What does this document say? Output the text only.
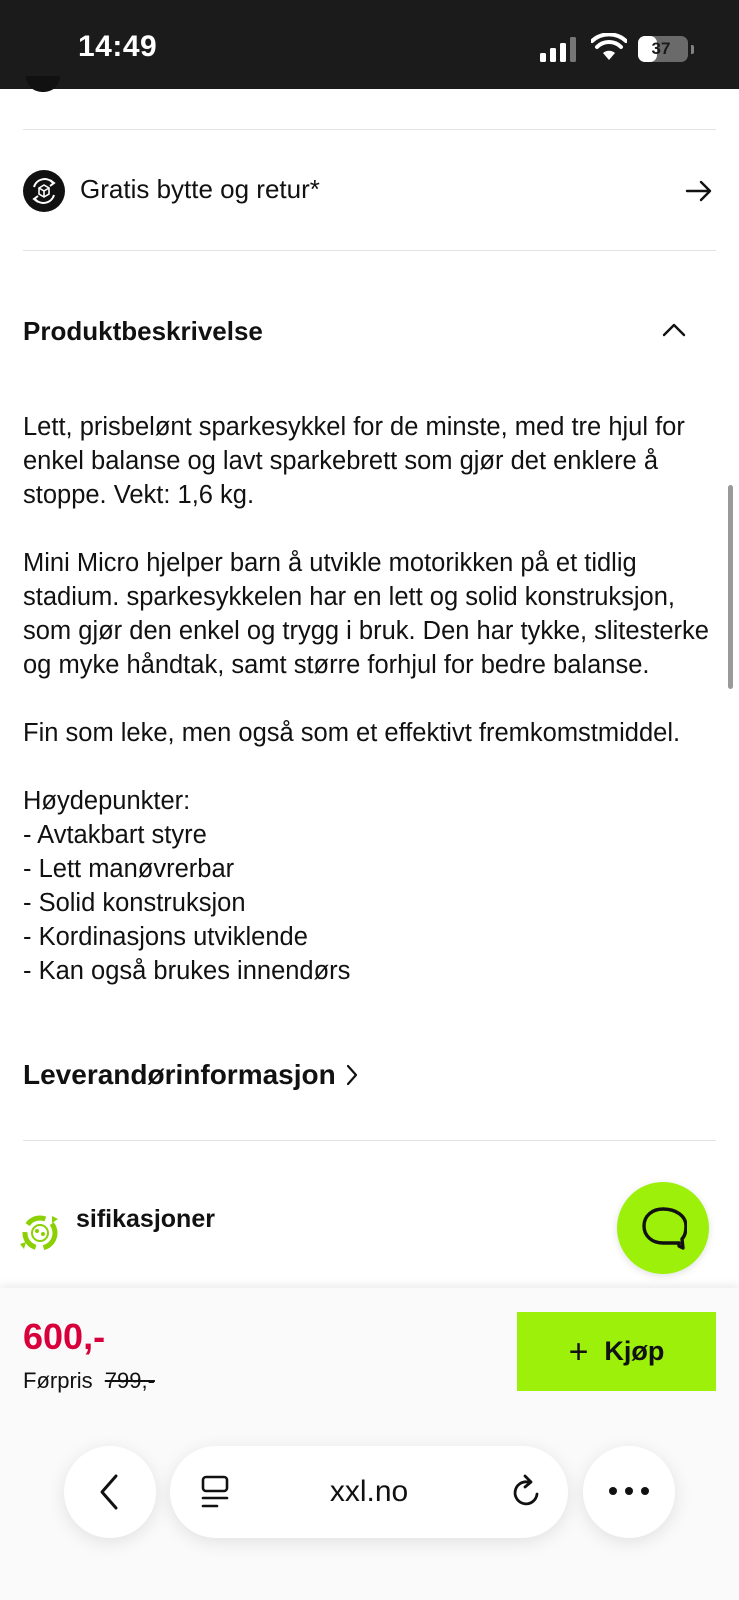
14:49	37
Gratis bytte og retur*
Produktbeskrivelse

Lett, prisbelønt sparkesykkel for de minste, med tre hjul for enkel balanse og lavt sparkebrett som gjør det enklere å stoppe. Vekt: 1,6 kg.

Mini Micro hjelper barn å utvikle motorikken på et tidlig stadium. sparkesykkelen har en lett og solid konstruksjon, som gjør den enkel og trygg i bruk. Den har tykke, slitesterke og myke håndtak, samt større forhjul for bedre balanse.

Fin som leke, men også som et effektivt fremkomstmiddel.

Høydepunkter:

- Avtakbart styre

- Lett manøvrerbar

- Solid konstruksjon

- Kordinasjons utviklende

- Kan også brukes innendørs

Leverandørinformasjon
sifikasjoner
600,-
Førpris 799,-
+ Kjøp
xxl.no
